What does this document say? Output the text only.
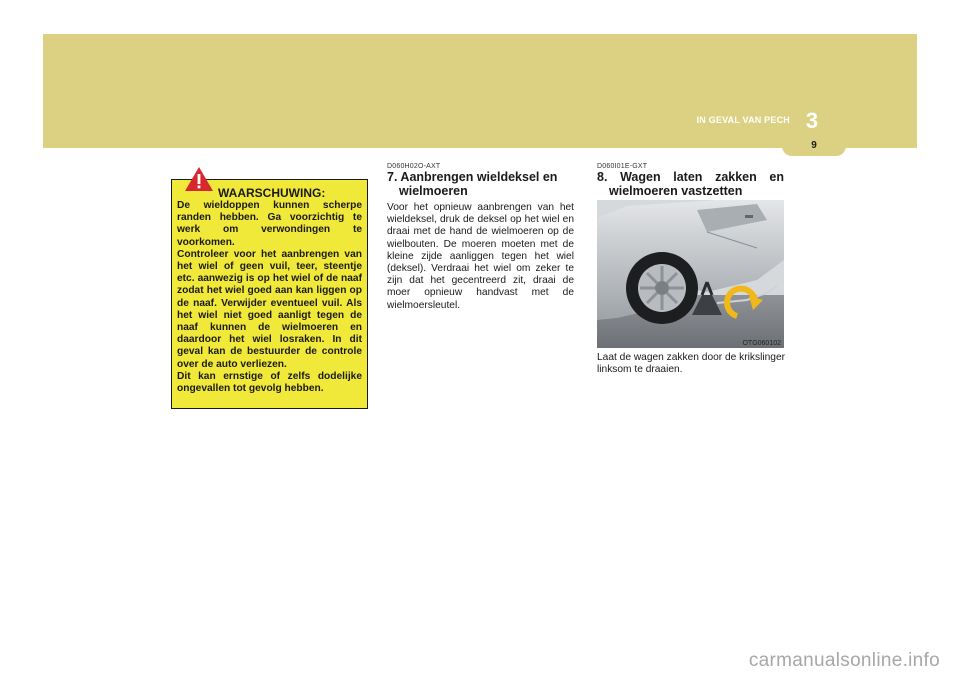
IN GEVAL VAN PECH 3
9
De wieldoppen kunnen scherpe randen hebben. Ga voorzichtig te werk om verwondingen te voorkomen.
Controleer voor het aanbrengen van het wiel of geen vuil, teer, steentje etc. aanwezig is op het wiel of de naaf zodat het wiel goed aan kan liggen op de naaf. Verwijder eventueel vuil. Als het wiel niet goed aanligt tegen de naaf kunnen de wielmoeren en daardoor het wiel losraken. In dit geval kan de bestuurder de controle over de auto verliezen.
Dit kan ernstige of zelfs dodelijke ongevallen tot gevolg hebben.
WAARSCHUWING:
D060H02O-AXT
7. Aanbrengen wieldeksel en wielmoeren
Voor het opnieuw aanbrengen van het wieldeksel, druk de deksel op het wiel en draai met de hand de wielmoeren op de wielbouten. De moeren moeten met de kleine zijde aanliggen tegen het wiel (deksel). Verdraai het wiel om zeker te zijn dat het gecentreerd zit, draai de moer opnieuw handvast met de wielmoersleutel.
D060I01E-GXT
8. Wagen laten zakken en wielmoeren vastzetten
OTG060102
Laat de wagen zakken door de krikslinger linksom te draaien.
carmanualsonline.info
